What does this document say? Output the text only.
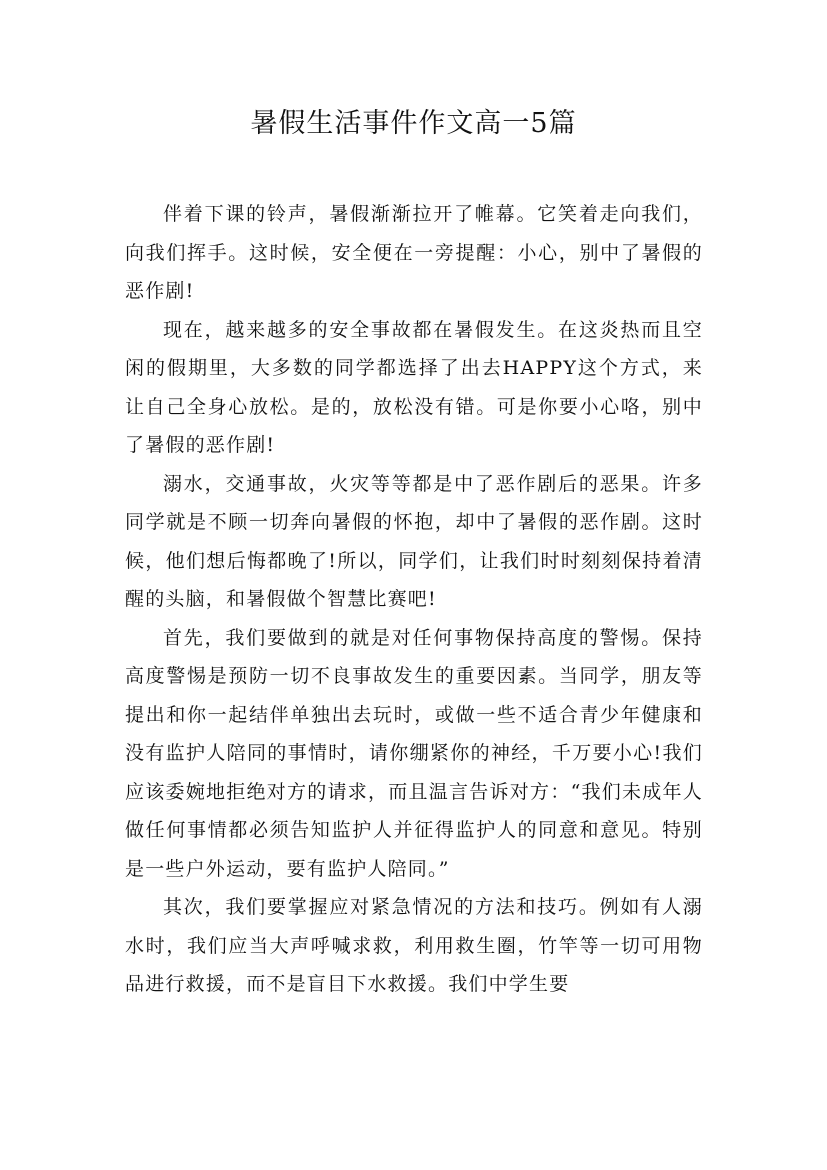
暑假生活事件作文高一5篇

伴着下课的铃声，暑假渐渐拉开了帷幕。它笑着走向我们，向我们挥手。这时候，安全便在一旁提醒：小心，别中了暑假的恶作剧!

现在，越来越多的安全事故都在暑假发生。在这炎热而且空闲的假期里，大多数的同学都选择了出去HAPPY这个方式，来让自己全身心放松。是的，放松没有错。可是你要小心咯，别中了暑假的恶作剧!

溺水，交通事故，火灾等等都是中了恶作剧后的恶果。许多同学就是不顾一切奔向暑假的怀抱，却中了暑假的恶作剧。这时候，他们想后悔都晚了!所以，同学们，让我们时时刻刻保持着清醒的头脑，和暑假做个智慧比赛吧!

首先，我们要做到的就是对任何事物保持高度的警惕。保持高度警惕是预防一切不良事故发生的重要因素。当同学，朋友等提出和你一起结伴单独出去玩时，或做一些不适合青少年健康和没有监护人陪同的事情时，请你绷紧你的神经，千万要小心!我们应该委婉地拒绝对方的请求，而且温言告诉对方：“我们未成年人做任何事情都必须告知监护人并征得监护人的同意和意见。特别是一些户外运动，要有监护人陪同。”

其次，我们要掌握应对紧急情况的方法和技巧。例如有人溺水时，我们应当大声呼喊求救，利用救生圈，竹竿等一切可用物品进行救援，而不是盲目下水救援。我们中学生要
